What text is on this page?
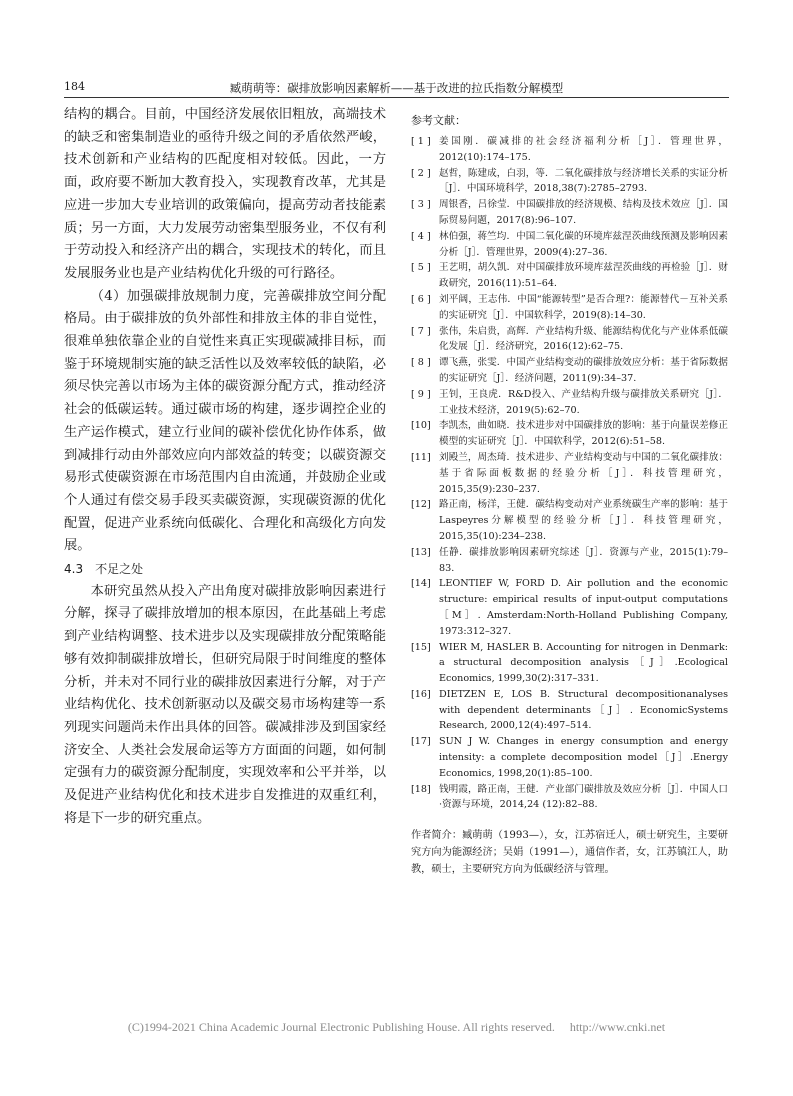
184	臧萌萌等：碳排放影响因素解析——基于改进的拉氏指数分解模型

结构的耦合。目前，中国经济发展依旧粗放，高端技术的缺乏和密集制造业的亟待升级之间的矛盾依然严峻，技术创新和产业结构的匹配度相对较低。因此，一方面，政府要不断加大教育投入，实现教育改革，尤其是应进一步加大专业培训的政策偏向，提高劳动者技能素质；另一方面，大力发展劳动密集型服务业，不仅有利于劳动投入和经济产出的耦合，实现技术的转化，而且发展服务业也是产业结构优化升级的可行路径。

（4）加强碳排放规制力度，完善碳排放空间分配格局。由于碳排放的负外部性和排放主体的非自觉性，很难单独依靠企业的自觉性来真正实现碳减排目标，而鉴于环境规制实施的缺乏活性以及效率较低的缺陷，必须尽快完善以市场为主体的碳资源分配方式，推动经济社会的低碳运转。通过碳市场的构建，逐步调控企业的生产运作模式，建立行业间的碳补偿优化协作体系，做到减排行动由外部效应向内部效益的转变；以碳资源交易形式使碳资源在市场范围内自由流通，并鼓励企业或个人通过有偿交易手段买卖碳资源，实现碳资源的优化配置，促进产业系统向低碳化、合理化和高级化方向发展。

4.3　不足之处

本研究虽然从投入产出角度对碳排放影响因素进行分解，探寻了碳排放增加的根本原因，在此基础上考虑到产业结构调整、技术进步以及实现碳排放分配策略能够有效抑制碳排放增长，但研究局限于时间维度的整体分析，并未对不同行业的碳排放因素进行分解，对于产业结构优化、技术创新驱动以及碳交易市场构建等一系列现实问题尚未作出具体的回答。碳减排涉及到国家经济安全、人类社会发展命运等方方面面的问题，如何制定强有力的碳资源分配制度，实现效率和公平并举，以及促进产业结构优化和技术进步自发推进的双重红利，将是下一步的研究重点。

参考文献：

[ 1 ] 姜国刚．碳减排的社会经济福利分析［J］．管理世界，2012(10):174–175.
[ 2 ] 赵哲，陈建成，白羽，等．二氧化碳排放与经济增长关系的实证分析［J］．中国环境科学，2018,38(7):2785–2793.
[ 3 ] 周银香，吕徐莹．中国碳排放的经济规模、结构及技术效应［J］．国际贸易问题，2017(8):96–107.
[ 4 ] 林伯强，蒋竺均．中国二氧化碳的环境库兹涅茨曲线预测及影响因素分析［J］．管理世界，2009(4):27–36.
[ 5 ] 王艺明，胡久凯．对中国碳排放环境库兹涅茨曲线的再检验［J］．财政研究，2016(11):51–64.
[ 6 ] 刘平阔，王志伟．中国“能源转型”是否合理?：能源替代－互补关系的实证研究［J］．中国软科学，2019(8):14–30.
[ 7 ] 张伟，朱启贵，高辉．产业结构升级、能源结构优化与产业体系低碳化发展［J］．经济研究，2016(12):62–75.
[ 8 ] 谭飞燕，张雯．中国产业结构变动的碳排放效应分析：基于省际数据的实证研究［J］．经济问题，2011(9):34–37.
[ 9 ] 王钊，王良虎．R&D投入、产业结构升级与碳排放关系研究［J］．工业技术经济，2019(5):62–70.
[10] 李凯杰，曲如晓．技术进步对中国碳排放的影响：基于向量误差修正模型的实证研究［J］．中国软科学，2012(6):51–58.
[11] 刘殿兰，周杰琦．技术进步、产业结构变动与中国的二氧化碳排放：基于省际面板数据的经验分析［J］．科技管理研究，2015,35(9):230–237.
[12] 路正南，杨洋，王健．碳结构变动对产业系统碳生产率的影响：基于Laspeyres分解模型的经验分析［J］．科技管理研究，2015,35(10):234–238.
[13] 任静．碳排放影响因素研究综述［J］．资源与产业，2015(1):79–83.
[14] LEONTIEF W, FORD D. Air pollution and the economic structure: empirical results of input-output computations［M］. Amsterdam:North-Holland Publishing Company, 1973:312–327.
[15] WIER M, HASLER B. Accounting for nitrogen in Denmark: a structural decomposition analysis［J］.Ecological Economics, 1999,30(2):317–331.
[16] DIETZEN E, LOS B. Structural decompositionanalyses with dependent determinants［J］. EconomicSystems Research, 2000,12(4):497–514.
[17] SUN J W. Changes in energy consumption and energy intensity: a complete decomposition model［J］.Energy Economics, 1998,20(1):85–100.
[18] 钱明霞，路正南，王健．产业部门碳排放及效应分析［J］．中国人口·资源与环境，2014,24 (12):82–88.
作者简介：臧萌萌（1993—），女，江苏宿迁人，硕士研究生，主要研究方向为能源经济；吴娟（1991—），通信作者，女，江苏镇江人，助教，硕士，主要研究方向为低碳经济与管理。
(C)1994-2021 China Academic Journal Electronic Publishing House. All rights reserved.　 http://www.cnki.net
